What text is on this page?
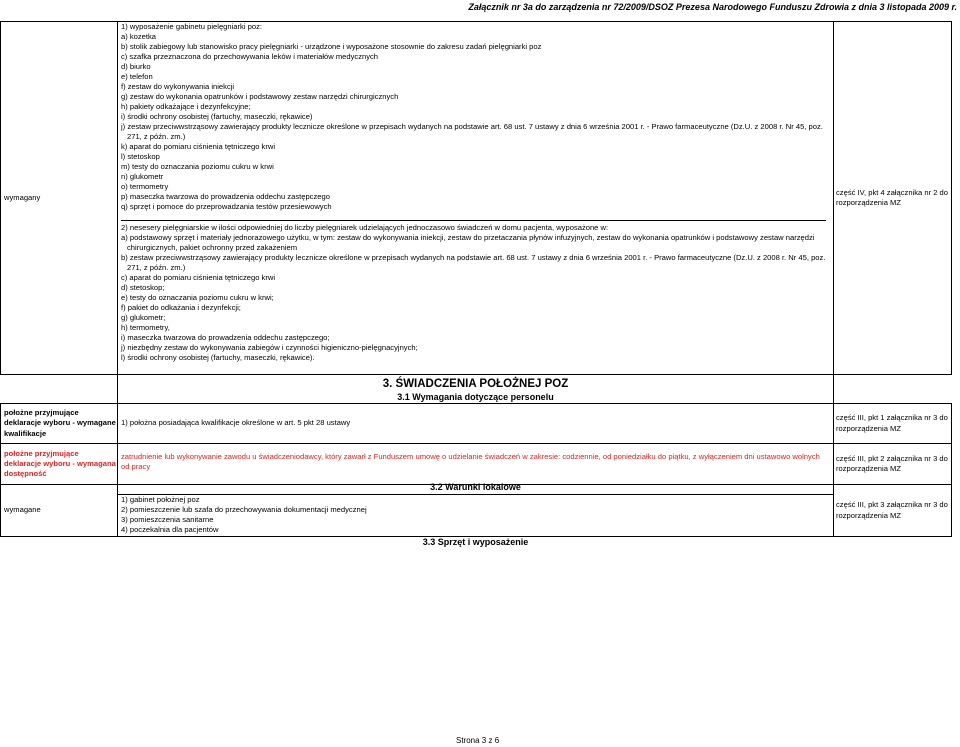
Załącznik nr 3a do zarządzenia nr 72/2009/DSOZ Prezesa Narodowego Funduszu Zdrowia z dnia 3 listopada 2009 r.
wymagany
1) wyposażenie gabinetu pielęgniarki poz:
a) kozetka
b) stolik zabiegowy lub stanowisko pracy pielęgniarki - urządzone i wyposażone stosownie do zakresu zadań pielęgniarki poz
c) szafka przeznaczona do przechowywania leków i materiałów medycznych
d) biurko
e) telefon
f) zestaw do wykonywania iniekcji
g) zestaw do wykonania opatrunków i podstawowy zestaw narzędzi chirurgicznych
h) pakiety odkażające i dezynfekcyjne;
i) środki ochrony osobistej (fartuchy, maseczki, rękawice)
j) zestaw przeciwwstrząsowy zawierający produkty lecznicze określone w przepisach wydanych na podstawie art. 68 ust. 7 ustawy z dnia 6 września 2001 r. - Prawo farmaceutyczne (Dz.U. z 2008 r. Nr 45, poz. 271, z późn. zm.)
k) aparat do pomiaru ciśnienia tętniczego krwi
l) stetoskop
m) testy do oznaczania poziomu cukru w krwi
n) glukometr
o) termometry
p) maseczka twarzowa do prowadzenia oddechu zastępczego
q) sprzęt i pomoce do przeprowadzania testów przesiewowych
2) nesesery pielęgniarskie w ilości odpowiedniej do liczby pielęgniarek udzielających jednoczasowo świadczeń w domu pacjenta, wyposażone w:
a) podstawowy sprzęt i materiały jednorazowego użytku, w tym: zestaw do wykonywania iniekcji, zestaw do przetaczania płynów infuzyjnych, zestaw do wykonania opatrunków i podstawowy zestaw narzędzi chirurgicznych, pakiet ochronny przed zakażeniem
b) zestaw przeciwwstrząsowy zawierający produkty lecznicze określone w przepisach wydanych na podstawie art. 68 ust. 7 ustawy z dnia 6 września 2001 r. - Prawo farmaceutyczne (Dz.U. z 2008 r. Nr 45, poz. 271, z późn. zm.)
c) aparat do pomiaru ciśnienia tętniczego krwi
d) stetoskop;
e) testy do oznaczania poziomu cukru w krwi;
f) pakiet do odkażania i dezynfekcji;
g) glukometr;
h) termometry,
i) maseczka twarzowa do prowadzenia oddechu zastępczego;
j) niezbędny zestaw do wykonywania zabiegów i czynności higieniczno-pielęgnacyjnych;
l) środki ochrony osobistej (fartuchy, maseczki, rękawice).
część IV, pkt 4 załącznika nr 2 do rozporządzenia MZ
3. ŚWIADCZENIA POŁOŻNEJ POZ
3.1 Wymagania dotyczące personelu
położne przyjmujące deklaracje wyboru - wymagane kwalifikacje
1) położna posiadająca kwalifikacje określone w art. 5 pkt 28 ustawy
część III, pkt 1 załącznika nr 3 do rozporządzenia MZ
położne przyjmujące deklaracje wyboru - wymagana dostępność
zatrudnienie lub wykonywanie zawodu u świadczeniodawcy, który zawarł z Funduszem umowę o udzielanie świadczeń w zakresie: codziennie, od poniedziałku do piątku, z wyłączeniem dni ustawowo wolnych od pracy
część III, pkt 2 załącznika nr 3 do rozporządzenia MZ
3.2 Warunki lokalowe
wymagane
1) gabinet położnej poz
2) pomieszczenie lub szafa do przechowywania dokumentacji medycznej
3) pomieszczenia sanitarne
4) poczekalnia dla pacjentów
część III, pkt 3 załącznika nr 3 do rozporządzenia MZ
3.3 Sprzęt i wyposażenie
Strona 3 z 6
